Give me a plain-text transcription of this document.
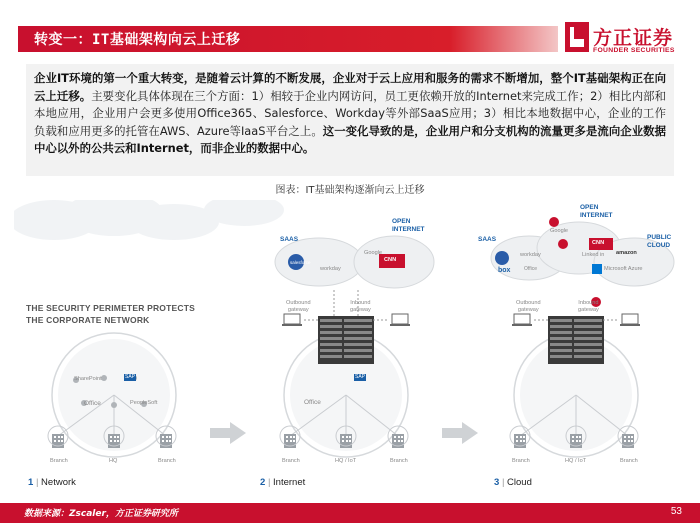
转变一：IT基础架构向云上迁移	方正证券
FOUNDER SECURITIES

企业IT环境的第一个重大转变，是随着云计算的不断发展，企业对于云上应用和服务的需求不断增加，整个IT基础架构正在向云上迁移。主要变化具体体现在三个方面：1）相较于企业内网访问，员工更依赖开放的Internet来完成工作；2）相比内部和本地应用，企业用户会更多使用Office365、Salesforce、Workday等外部SaaS应用；3）相比本地数据中心，企业的工作负载和应用更多的托管在AWS、Azure等IaaS平台之上。这一变化导致的是，企业用户和分支机构的流量更多是流向企业数据中心以外的公共云和Internet，而非企业的数据中心。

图表：IT基础架构逐渐向云上迁移
THE SECURITY PERIMETER PROTECTS
THE CORPORATE NETWORK
SharePoint	SAP
Office	PeopleSoft
SAAS
OPEN
INTERNET
salesforce
workday
Google
CNN
Outbound
gateway
Inbound
gateway
Office
SAP
SAAS
OPEN
INTERNET
PUBLIC
CLOUD
Google
CNN
Linked in
workday
box	Office
amazon
Microsoft Azure
Outbound
gateway
Inbound
gateway
Branch	HQ	Branch	Branch	HQ / IoT	Branch	Branch	HQ / IoT	Branch
1 | Network	2 | Internet	3 | Cloud
数据来源：Zscaler，方正证券研究所	53
